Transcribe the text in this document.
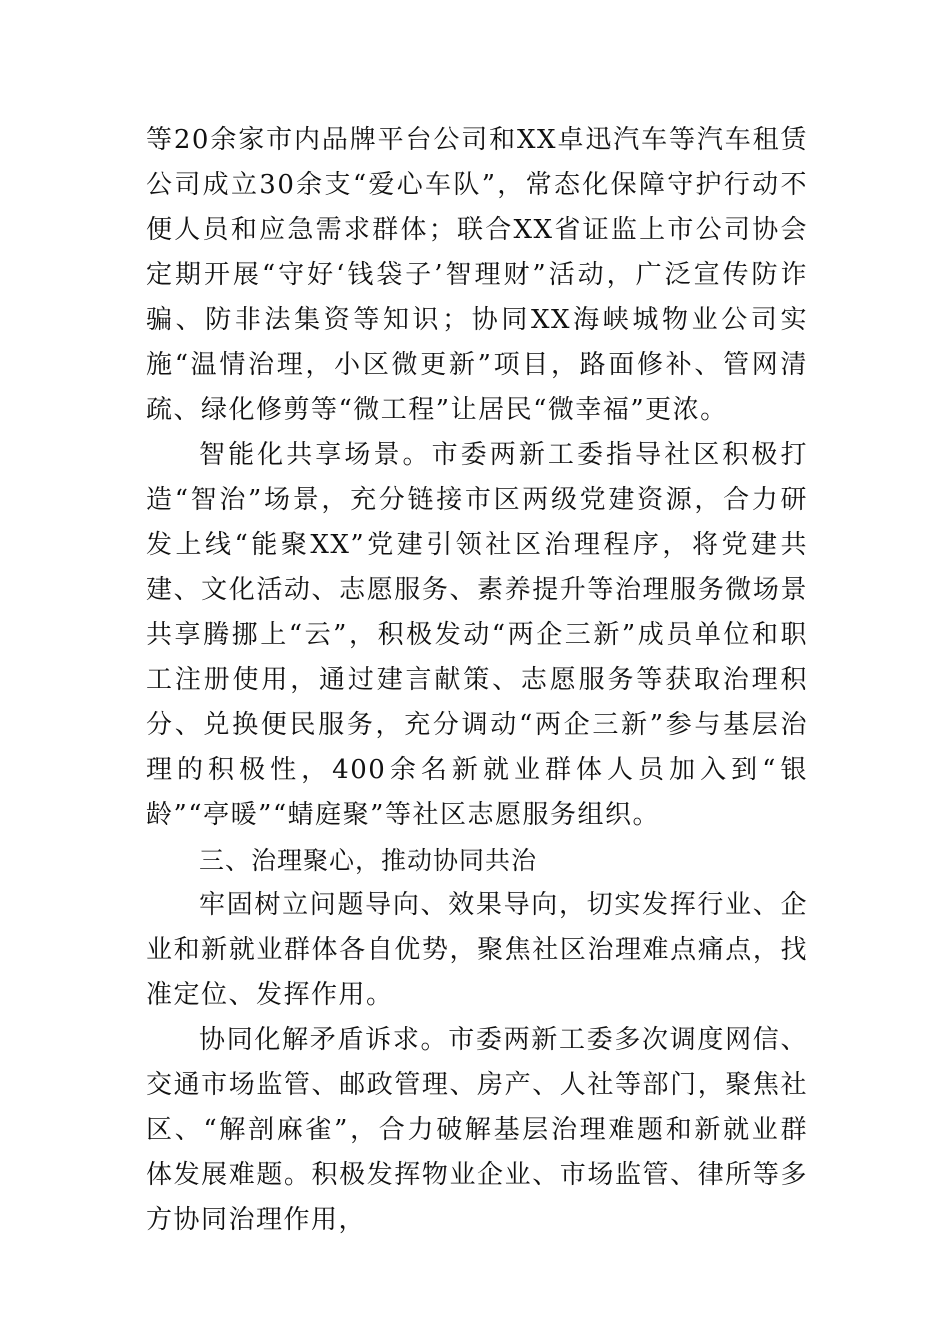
等20余家市内品牌平台公司和XX卓迅汽车等汽车租赁公司成立30余支“爱心车队”，常态化保障守护行动不便人员和应急需求群体；联合XX省证监上市公司协会定期开展“守好‘钱袋子’智理财”活动，广泛宣传防诈骗、防非法集资等知识；协同XX海峡城物业公司实施“温情治理，小区微更新”项目，路面修补、管网清疏、绿化修剪等“微工程”让居民“微幸福”更浓。

智能化共享场景。市委两新工委指导社区积极打造“智治”场景，充分链接市区两级党建资源，合力研发上线“能聚XX”党建引领社区治理程序，将党建共建、文化活动、志愿服务、素养提升等治理服务微场景共享腾挪上“云”，积极发动“两企三新”成员单位和职工注册使用，通过建言献策、志愿服务等获取治理积分、兑换便民服务，充分调动“两企三新”参与基层治理的积极性，400余名新就业群体人员加入到“银龄”“亭暖”“蜻庭聚”等社区志愿服务组织。

三、治理聚心，推动协同共治

牢固树立问题导向、效果导向，切实发挥行业、企业和新就业群体各自优势，聚焦社区治理难点痛点，找准定位、发挥作用。

协同化解矛盾诉求。市委两新工委多次调度网信、交通市场监管、邮政管理、房产、人社等部门，聚焦社区、“解剖麻雀”，合力破解基层治理难题和新就业群体发展难题。积极发挥物业企业、市场监管、律所等多方协同治理作用，
